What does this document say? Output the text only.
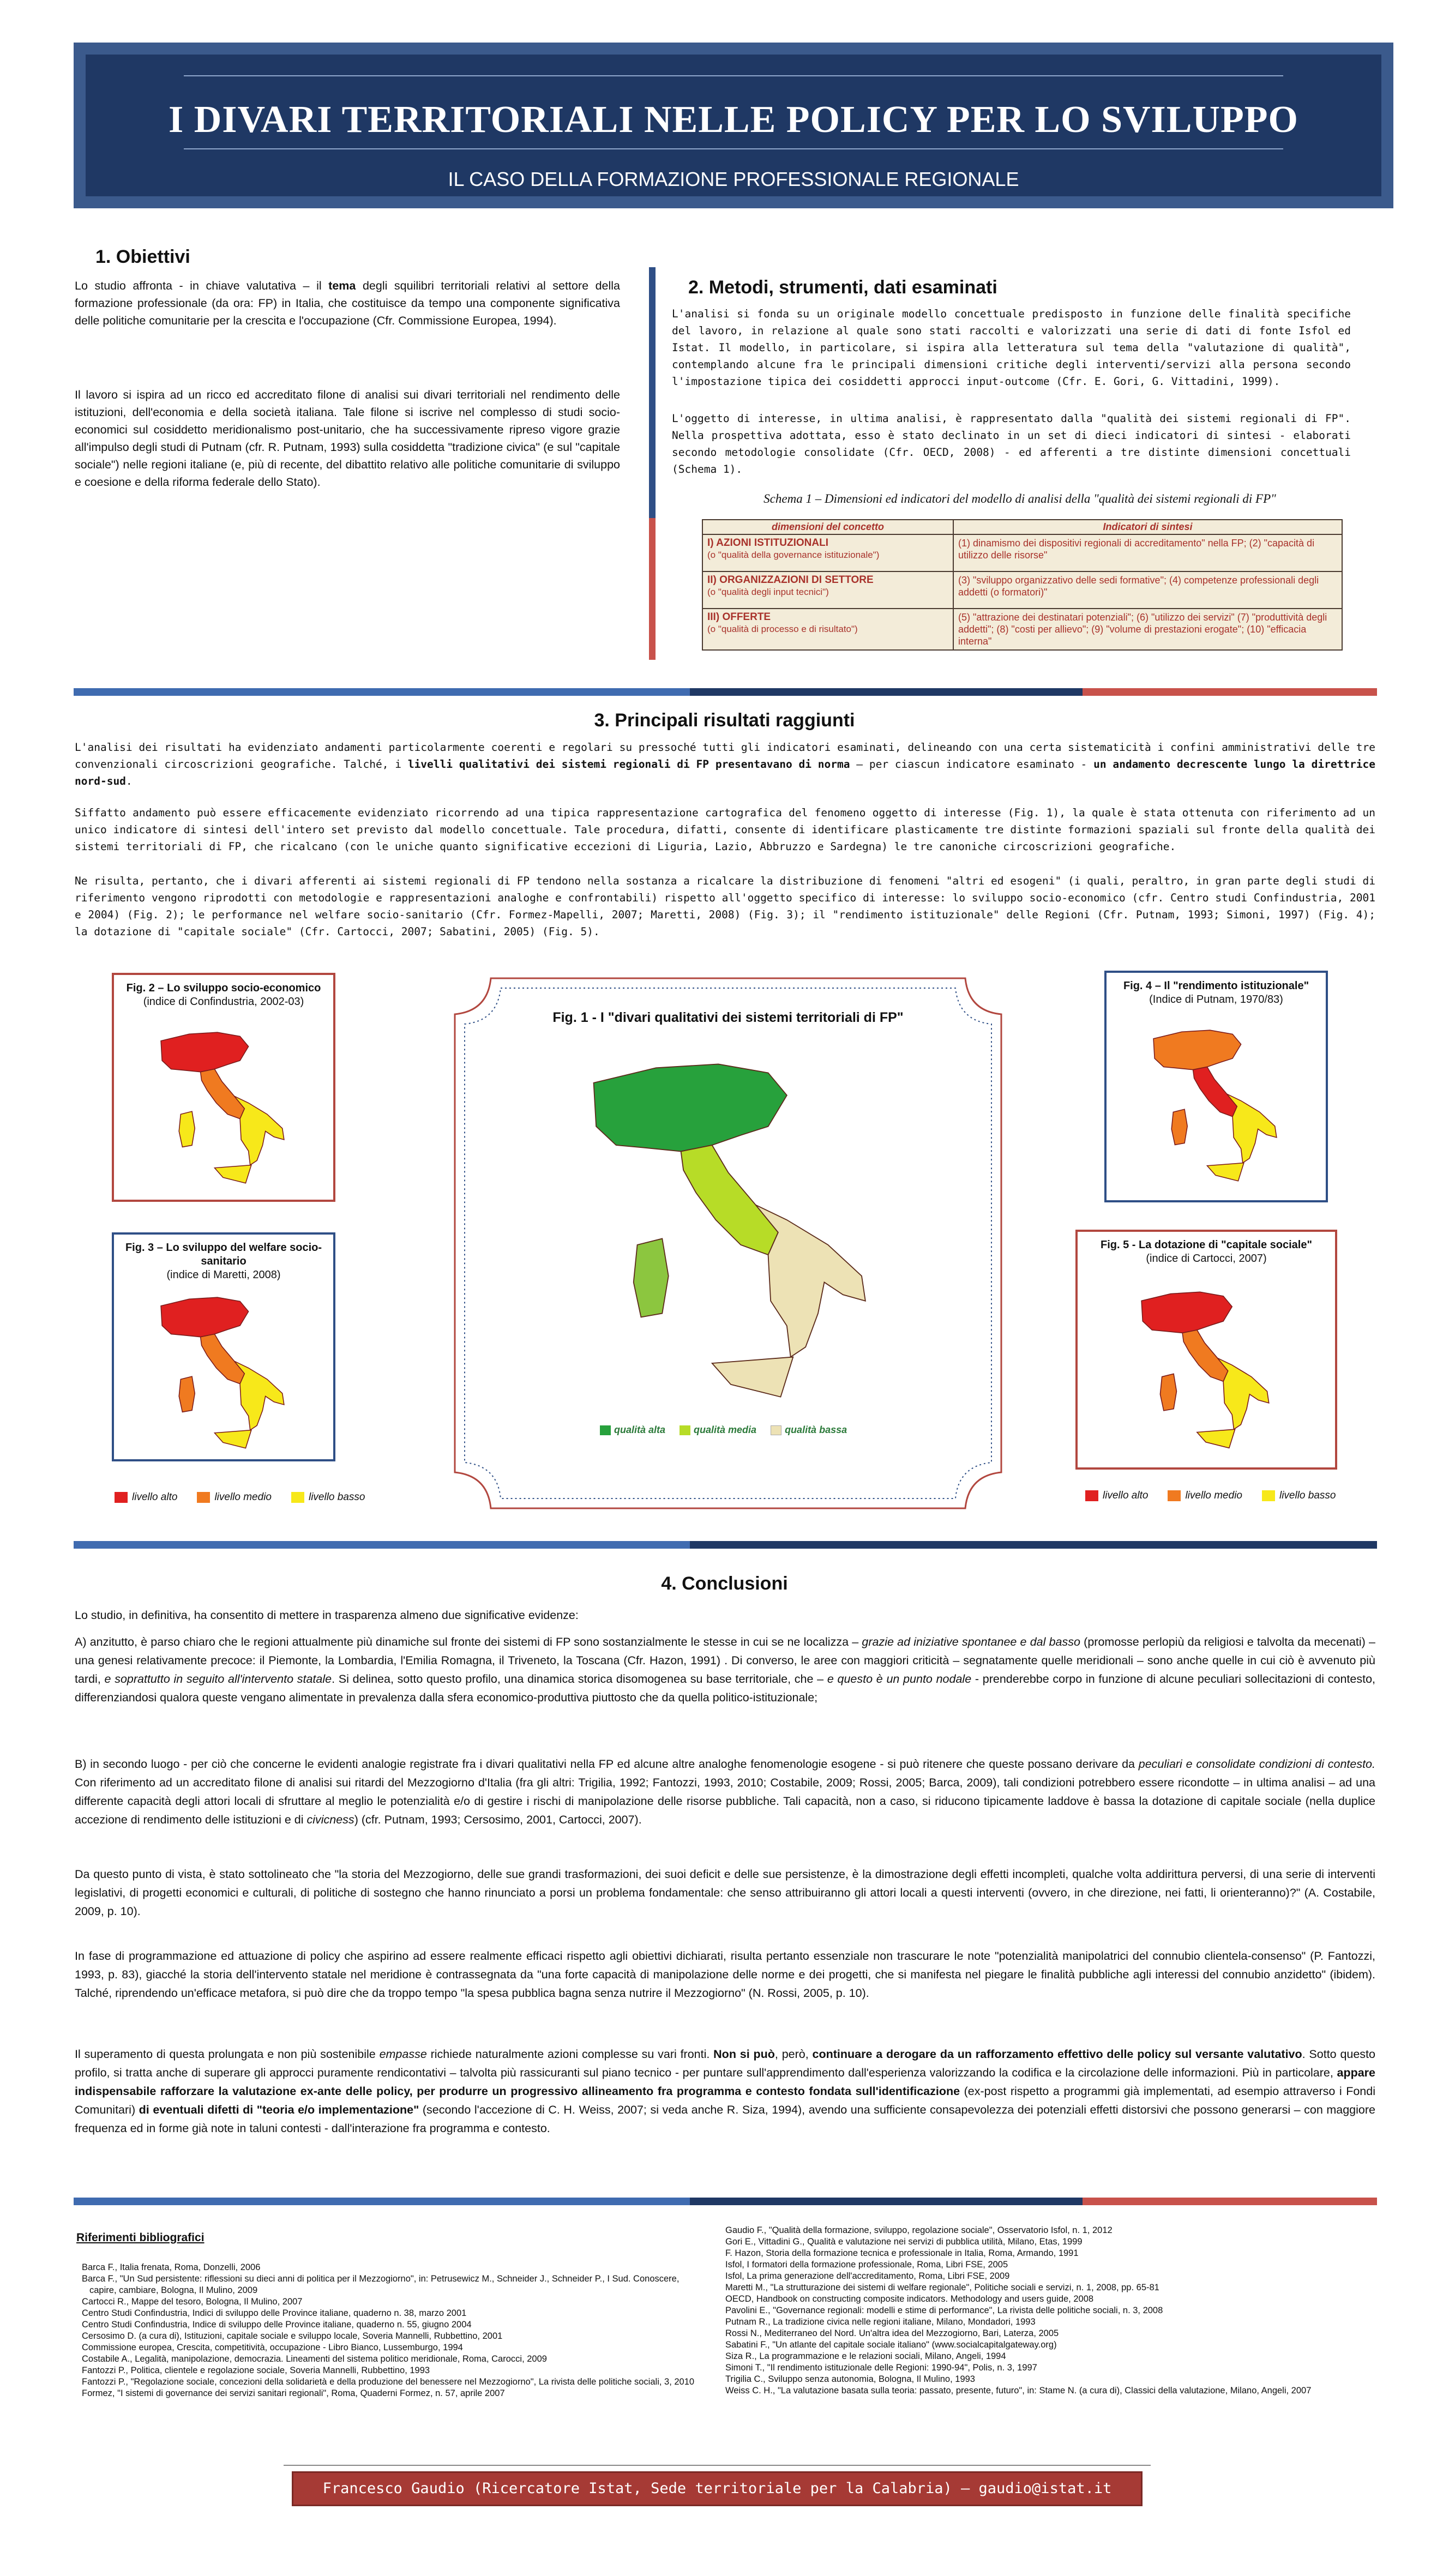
I DIVARI TERRITORIALI NELLE POLICY PER LO SVILUPPO
IL CASO DELLA FORMAZIONE PROFESSIONALE REGIONALE
1. Obiettivi
Lo studio affronta - in chiave valutativa – il tema degli squilibri territoriali relativi al settore della formazione professionale (da ora: FP) in Italia, che costituisce da tempo una componente significativa delle politiche comunitarie per la crescita e l'occupazione (Cfr. Commissione Europea, 1994).
Il lavoro si ispira ad un ricco ed accreditato filone di analisi sui divari territoriali nel rendimento delle istituzioni, dell'economia e della società italiana. Tale filone si iscrive nel complesso di studi socio-economici sul cosiddetto meridionalismo post-unitario, che ha successivamente ripreso vigore grazie all'impulso degli studi di Putnam (cfr. R. Putnam, 1993) sulla cosiddetta "tradizione civica" (e sul "capitale sociale") nelle regioni italiane (e, più di recente, del dibattito relativo alle politiche comunitarie di sviluppo e coesione e della riforma federale dello Stato).
2. Metodi, strumenti, dati esaminati
L'analisi si fonda su un originale modello concettuale predisposto in funzione delle finalità specifiche del lavoro, in relazione al quale sono stati raccolti e valorizzati una serie di dati di fonte Isfol ed Istat. Il modello, in particolare, si ispira alla letteratura sul tema della "valutazione di qualità", contemplando alcune fra le principali dimensioni critiche degli interventi/servizi alla persona secondo l'impostazione tipica dei cosiddetti approcci input-outcome (Cfr. E. Gori, G. Vittadini, 1999).
L'oggetto di interesse, in ultima analisi, è rappresentato dalla "qualità dei sistemi regionali di FP". Nella prospettiva adottata, esso è stato declinato in un set di dieci indicatori di sintesi - elaborati secondo metodologie consolidate (Cfr. OECD, 2008) - ed afferenti a tre distinte dimensioni concettuali (Schema 1).
Schema 1 – Dimensioni ed indicatori del modello di analisi della "qualità dei sistemi regionali di FP"
dimensioni del concetto	Indicatori di sintesi

I) AZIONI ISTITUZIONALI
(o "qualità della governance istituzionale")	(1) dinamismo dei dispositivi regionali di accreditamento" nella FP; (2) "capacità di utilizzo delle risorse"

II) ORGANIZZAZIONI DI SETTORE
(o "qualità degli input tecnici")	(3) "sviluppo organizzativo delle sedi formative"; (4) competenze professionali degli addetti (o formatori)"

III) OFFERTE
(o "qualità di processo e di risultato")	(5) "attrazione dei destinatari potenziali"; (6) "utilizzo dei servizi" (7) "produttività degli addetti"; (8) "costi per allievo"; (9) "volume di prestazioni erogate"; (10) "efficacia interna"
3. Principali risultati raggiunti
L'analisi dei risultati ha evidenziato andamenti particolarmente coerenti e regolari su pressoché tutti gli indicatori esaminati, delineando con una certa sistematicità i confini amministrativi delle tre convenzionali circoscrizioni geografiche. Talché, i livelli qualitativi dei sistemi regionali di FP presentavano di norma – per ciascun indicatore esaminato - un andamento decrescente lungo la direttrice nord-sud.
Siffatto andamento può essere efficacemente evidenziato ricorrendo ad una tipica rappresentazione cartografica del fenomeno oggetto di interesse (Fig. 1), la quale è stata ottenuta con riferimento ad un unico indicatore di sintesi dell'intero set previsto dal modello concettuale. Tale procedura, difatti, consente di identificare plasticamente tre distinte formazioni spaziali sul fronte della qualità dei sistemi territoriali di FP, che ricalcano (con le uniche quanto significative eccezioni di Liguria, Lazio, Abbruzzo e Sardegna) le tre canoniche circoscrizioni geografiche.
Ne risulta, pertanto, che i divari afferenti ai sistemi regionali di FP tendono nella sostanza a ricalcare la distribuzione di fenomeni "altri ed esogeni" (i quali, peraltro, in gran parte degli studi di riferimento vengono riprodotti con metodologie e rappresentazioni analoghe e confrontabili) rispetto all'oggetto specifico di interesse: lo sviluppo socio-economico (cfr. Centro studi Confindustria, 2001 e 2004) (Fig. 2); le performance nel welfare socio-sanitario (Cfr. Formez-Mapelli, 2007; Maretti, 2008) (Fig. 3); il "rendimento istituzionale" delle Regioni (Cfr. Putnam, 1993; Simoni, 1997) (Fig. 4); la dotazione di "capitale sociale" (Cfr. Cartocci, 2007; Sabatini, 2005) (Fig. 5).
Fig. 2 – Lo sviluppo socio-economico
(indice di Confindustria, 2002-03)
Fig. 3 – Lo sviluppo del welfare socio-sanitario
(indice di Maretti, 2008)
livello alto	livello medio	livello basso
Fig. 1 - I "divari qualitativi dei sistemi territoriali di FP"
qualità alta	qualità media	qualità bassa
Fig. 4 – Il "rendimento istituzionale"
(Indice di Putnam, 1970/83)
Fig. 5 - La dotazione di "capitale sociale"
(indice di Cartocci, 2007)
livello alto	livello medio	livello basso
4. Conclusioni
Lo studio, in definitiva, ha consentito di mettere in trasparenza almeno due significative evidenze:
A) anzitutto, è parso chiaro che le regioni attualmente più dinamiche sul fronte dei sistemi di FP sono sostanzialmente le stesse in cui se ne localizza – grazie ad iniziative spontanee e dal basso (promosse perlopiù da religiosi e talvolta da mecenati) – una genesi relativamente precoce: il Piemonte, la Lombardia, l'Emilia Romagna, il Triveneto, la Toscana (Cfr. Hazon, 1991) . Di converso, le aree con maggiori criticità – segnatamente quelle meridionali – sono anche quelle in cui ciò è avvenuto più tardi, e soprattutto in seguito all'intervento statale. Si delinea, sotto questo profilo, una dinamica storica disomogenea su base territoriale, che – e questo è un punto nodale - prenderebbe corpo in funzione di alcune peculiari sollecitazioni di contesto, differenziandosi qualora queste vengano alimentate in prevalenza dalla sfera economico-produttiva piuttosto che da quella politico-istituzionale;
B) in secondo luogo - per ciò che concerne le evidenti analogie registrate fra i divari qualitativi nella FP ed alcune altre analoghe fenomenologie esogene - si può ritenere che queste possano derivare da peculiari e consolidate condizioni di contesto. Con riferimento ad un accreditato filone di analisi sui ritardi del Mezzogiorno d'Italia (fra gli altri: Trigilia, 1992; Fantozzi, 1993, 2010; Costabile, 2009; Rossi, 2005; Barca, 2009), tali condizioni potrebbero essere ricondotte – in ultima analisi – ad una differente capacità degli attori locali di sfruttare al meglio le potenzialità e/o di gestire i rischi di manipolazione delle risorse pubbliche. Tali capacità, non a caso, si riducono tipicamente laddove è bassa la dotazione di capitale sociale (nella duplice accezione di rendimento delle istituzioni e di civicness) (cfr. Putnam, 1993; Cersosimo, 2001, Cartocci, 2007).
Da questo punto di vista, è stato sottolineato che "la storia del Mezzogiorno, delle sue grandi trasformazioni, dei suoi deficit e delle sue persistenze, è la dimostrazione degli effetti incompleti, qualche volta addirittura perversi, di una serie di interventi legislativi, di progetti economici e culturali, di politiche di sostegno che hanno rinunciato a porsi un problema fondamentale: che senso attribuiranno gli attori locali a questi interventi (ovvero, in che direzione, nei fatti, li orienteranno)?" (A. Costabile, 2009, p. 10).
In fase di programmazione ed attuazione di policy che aspirino ad essere realmente efficaci rispetto agli obiettivi dichiarati, risulta pertanto essenziale non trascurare le note "potenzialità manipolatrici del connubio clientela-consenso" (P. Fantozzi, 1993, p. 83), giacché la storia dell'intervento statale nel meridione è contrassegnata da "una forte capacità di manipolazione delle norme e dei progetti, che si manifesta nel piegare le finalità pubbliche agli interessi del connubio anzidetto" (ibidem). Talché, riprendendo un'efficace metafora, si può dire che da troppo tempo "la spesa pubblica bagna senza nutrire il Mezzogiorno" (N. Rossi, 2005, p. 10).
Il superamento di questa prolungata e non più sostenibile empasse richiede naturalmente azioni complesse su vari fronti. Non si può, però, continuare a derogare da un rafforzamento effettivo delle policy sul versante valutativo. Sotto questo profilo, si tratta anche di superare gli approcci puramente rendicontativi – talvolta più rassicuranti sul piano tecnico - per puntare sull'apprendimento dall'esperienza valorizzando la codifica e la circolazione delle informazioni. Più in particolare, appare indispensabile rafforzare la valutazione ex-ante delle policy, per produrre un progressivo allineamento fra programma e contesto fondata sull'identificazione (ex-post rispetto a programmi già implementati, ad esempio attraverso i Fondi Comunitari) di eventuali difetti di "teoria e/o implementazione" (secondo l'accezione di C. H. Weiss, 2007; si veda anche R. Siza, 1994), avendo una sufficiente consapevolezza dei potenziali effetti distorsivi che possono generarsi – con maggiore frequenza ed in forme già note in taluni contesti - dall'interazione fra programma e contesto.
Riferimenti bibliografici
Barca F., Italia frenata, Roma, Donzelli, 2006
Barca F., "Un Sud persistente: riflessioni su dieci anni di politica per il Mezzogiorno", in: Petrusewicz M., Schneider J., Schneider P., I Sud. Conoscere, capire, cambiare, Bologna, Il Mulino, 2009
Cartocci R., Mappe del tesoro, Bologna, Il Mulino, 2007
Centro Studi Confindustria, Indici di sviluppo delle Province italiane, quaderno n. 38, marzo 2001
Centro Studi Confindustria, Indice di sviluppo delle Province italiane, quaderno n. 55, giugno 2004
Cersosimo D. (a cura di), Istituzioni, capitale sociale e sviluppo locale, Soveria Mannelli, Rubbettino, 2001
Commissione europea, Crescita, competitività, occupazione - Libro Bianco, Lussemburgo, 1994
Costabile A., Legalità, manipolazione, democrazia. Lineamenti del sistema politico meridionale, Roma, Carocci, 2009
Fantozzi P., Politica, clientele e regolazione sociale, Soveria Mannelli, Rubbettino, 1993
Fantozzi P., "Regolazione sociale, concezioni della solidarietà e della produzione del benessere nel Mezzogiorno", La rivista delle politiche sociali, 3, 2010
Formez, "I sistemi di governance dei servizi sanitari regionali", Roma, Quaderni Formez, n. 57, aprile 2007
Gaudio F., "Qualità della formazione, sviluppo, regolazione sociale", Osservatorio Isfol, n. 1, 2012
Gori E., Vittadini G., Qualità e valutazione nei servizi di pubblica utilità, Milano, Etas, 1999
F. Hazon, Storia della formazione tecnica e professionale in Italia, Roma, Armando, 1991
Isfol, I formatori della formazione professionale, Roma, Libri FSE, 2005
Isfol, La prima generazione dell'accreditamento, Roma, Libri FSE, 2009
Maretti M., "La strutturazione dei sistemi di welfare regionale", Politiche sociali e servizi, n. 1, 2008, pp. 65-81
OECD, Handbook on constructing composite indicators. Methodology and users guide, 2008
Pavolini E., "Governance regionali: modelli e stime di performance", La rivista delle politiche sociali, n. 3, 2008
Putnam R., La tradizione civica nelle regioni italiane, Milano, Mondadori, 1993
Rossi N., Mediterraneo del Nord. Un'altra idea del Mezzogiorno, Bari, Laterza, 2005
Sabatini F., "Un atlante del capitale sociale italiano" (www.socialcapitalgateway.org)
Siza R., La programmazione e le relazioni sociali, Milano, Angeli, 1994
Simoni T., "Il rendimento istituzionale delle Regioni: 1990-94", Polis, n. 3, 1997
Trigilia C., Sviluppo senza autonomia, Bologna, Il Mulino, 1993
Weiss C. H., "La valutazione basata sulla teoria: passato, presente, futuro", in: Stame N. (a cura di), Classici della valutazione, Milano, Angeli, 2007
Francesco Gaudio (Ricercatore Istat, Sede territoriale per la Calabria) – gaudio@istat.it
